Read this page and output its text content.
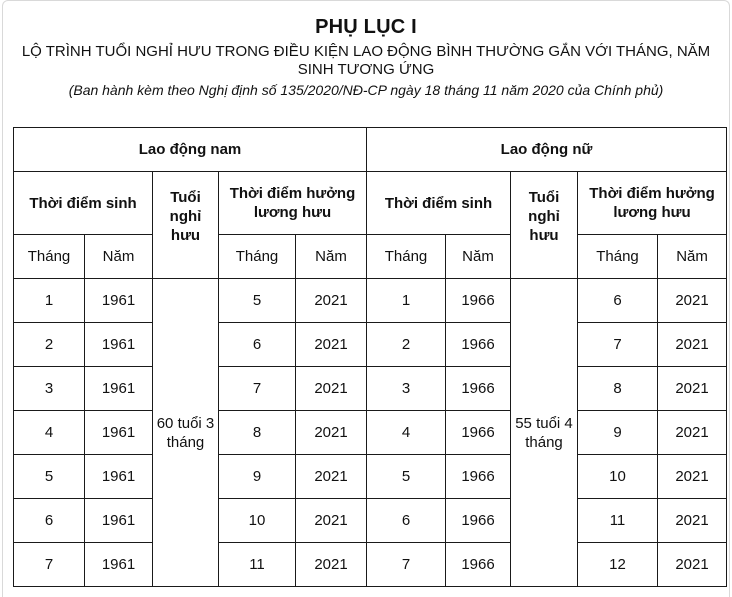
PHỤ LỤC I
LỘ TRÌNH TUỔI NGHỈ HƯU TRONG ĐIỀU KIỆN LAO ĐỘNG BÌNH THƯỜNG GẮN VỚI THÁNG, NĂM SINH TƯƠNG ỨNG
(Ban hành kèm theo Nghị định số 135/2020/NĐ-CP ngày 18 tháng 11 năm 2020 của Chính phủ)
Lao động nam					Lao động nữ				
Thời điểm sinh		Tuổi nghỉ hưu	Thời điểm hưởng lương hưu		Thời điểm sinh		Tuổi nghỉ hưu	Thời điểm hưởng lương hưu	
Tháng	Năm		Tháng	Năm	Tháng	Năm		Tháng	Năm
1	1961	60 tuổi 3 tháng	5	2021	1	1966	55 tuổi 4 tháng	6	2021
2	1961		6	2021	2	1966		7	2021
3	1961		7	2021	3	1966		8	2021
4	1961		8	2021	4	1966		9	2021
5	1961		9	2021	5	1966		10	2021
6	1961		10	2021	6	1966		11	2021
7	1961		11	2021	7	1966		12	2021
